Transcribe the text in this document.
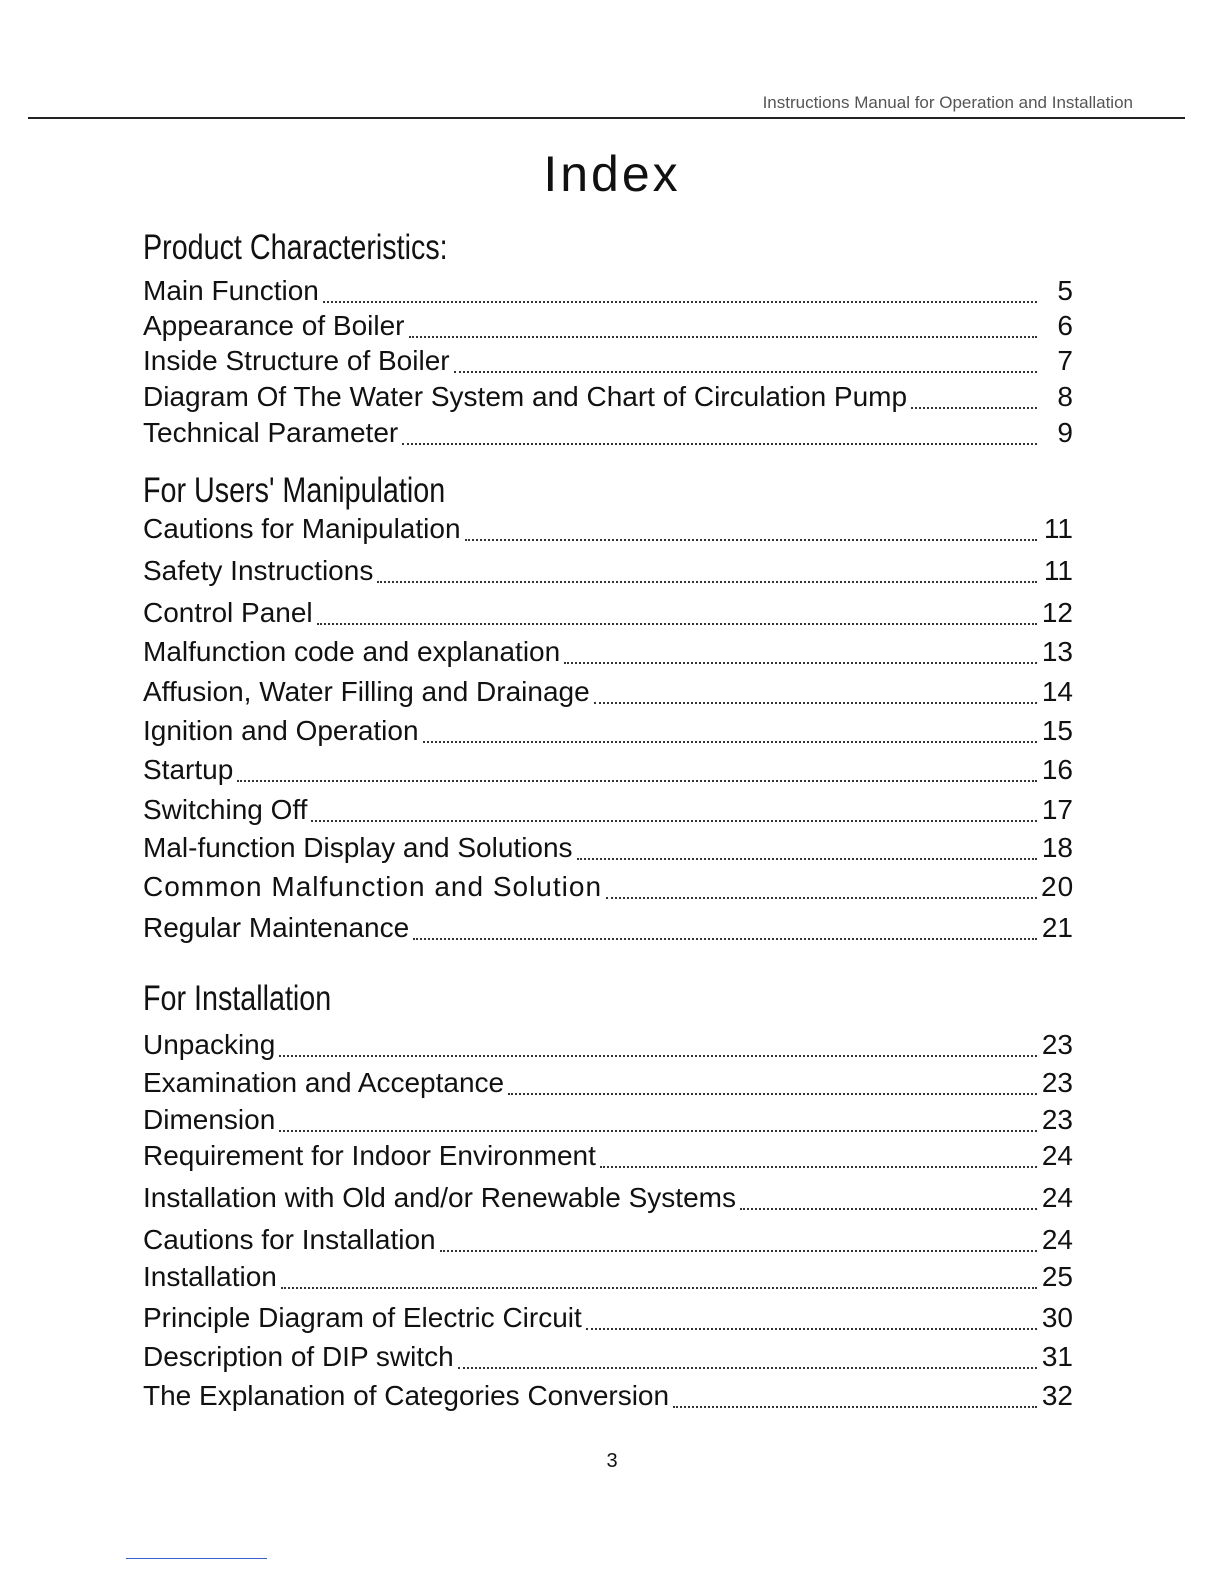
Instructions Manual for Operation and Installation
Index
Product Characteristics:
Main Function	5
Appearance of Boiler	6
Inside Structure of Boiler	7
Diagram Of The Water System and Chart of Circulation Pump	8
Technical Parameter	9
For Users' Manipulation
Cautions for Manipulation	11
Safety Instructions	11
Control Panel	12
Malfunction code and explanation	13
Affusion, Water Filling and Drainage	14
Ignition and Operation	15
Startup	16
Switching Off	17
Mal-function Display and Solutions	18
Common Malfunction and Solution	20
Regular Maintenance	21
For Installation
Unpacking	23
Examination and Acceptance	23
Dimension	23
Requirement for Indoor Environment	24
Installation with Old and/or Renewable Systems	24
Cautions for Installation	24
Installation	25
Principle Diagram of Electric Circuit	30
Description of DIP switch	31
The Explanation of Categories Conversion	32
3
